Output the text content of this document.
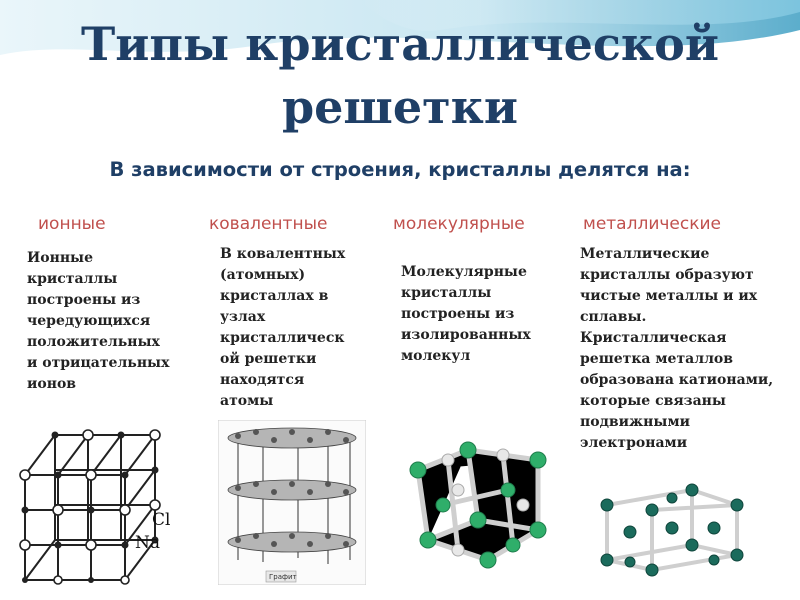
Типы кристаллической
решетки
В зависимости от строения, кристаллы делятся на:
ионные	ковалентные	молекулярные	металлические
Ионные
кристаллы
построены из
чередующихся
положительных
и отрицательных
ионов
В ковалентных
(атомных)
кристаллах в
узлах
кристаллическ
ой решетки
находятся
атомы
Молекулярные
кристаллы
построены из
изолированных
молекул
Металлические
кристаллы образуют
чистые металлы и их
сплавы.
Кристаллическая
решетка металлов
образована катионами,
которые связаны
подвижными
электронами
Cl
Na
Графит
